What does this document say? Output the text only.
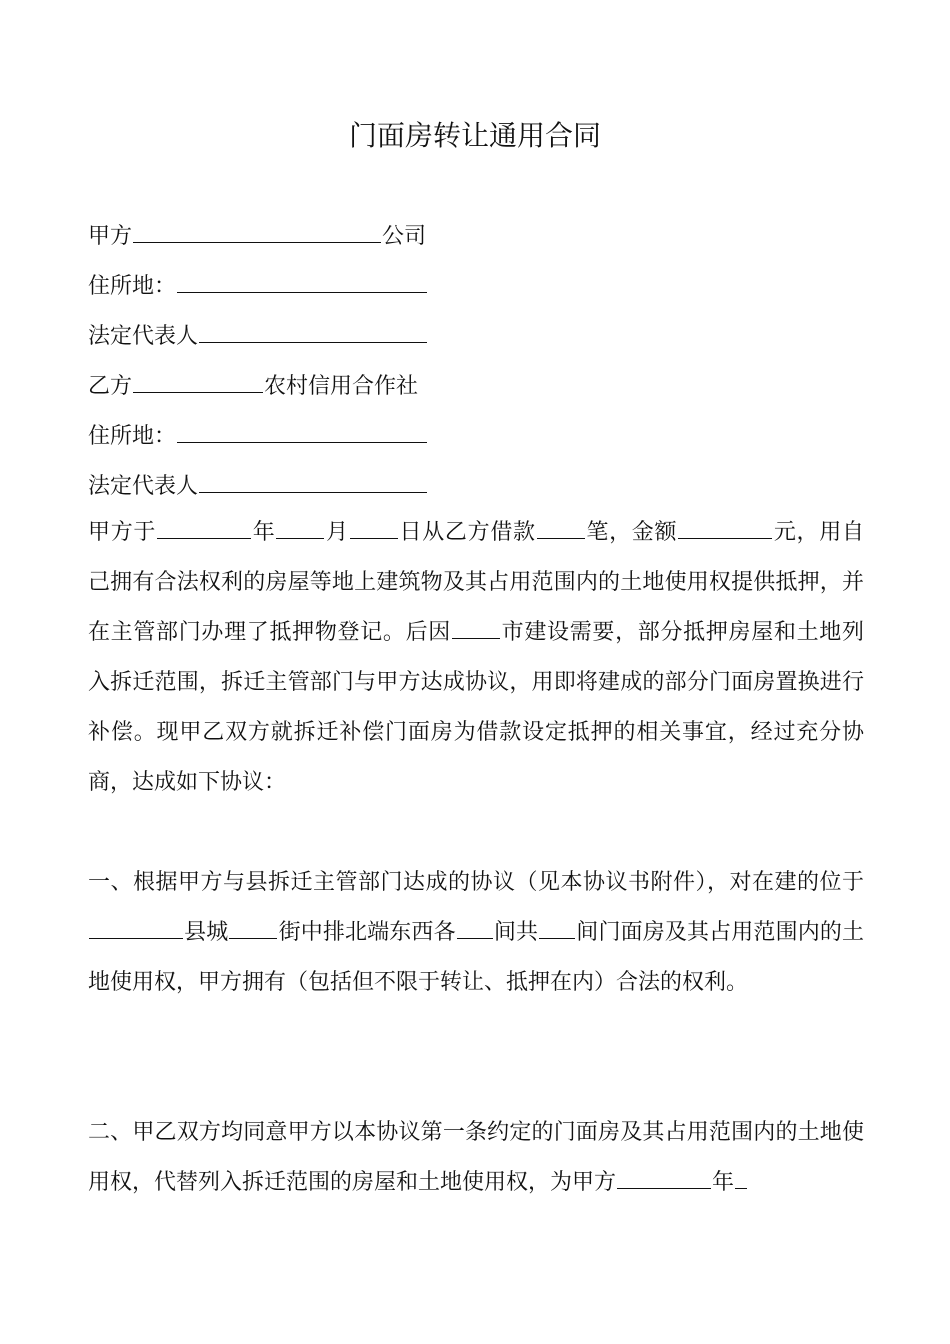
门面房转让通用合同
甲方	公司
住所地：
法定代表人
乙方	农村信用合作社
住所地：
法定代表人
甲方于	年 月 日从乙方借款 笔，金额	元，用自己拥有合法权利的房屋等地上建筑物及其占用范围内的土地使用权提供抵押，并在主管部门办理了抵押物登记。后因 市建设需要，部分抵押房屋和土地列入拆迁范围，拆迁主管部门与甲方达成协议，用即将建成的部分门面房置换进行补偿。现甲乙双方就拆迁补偿门面房为借款设定抵押的相关事宜，经过充分协商，达成如下协议：
一、根据甲方与县拆迁主管部门达成的协议（见本协议书附件），对在建的位于县城 街中排北端东西各 间共 间门面房及其占用范围内的土地使用权，甲方拥有（包括但不限于转让、抵押在内）合法的权利。
二、甲乙双方均同意甲方以本协议第一条约定的门面房及其占用范围内的土地使用权，代替列入拆迁范围的房屋和土地使用权，为甲方	年
